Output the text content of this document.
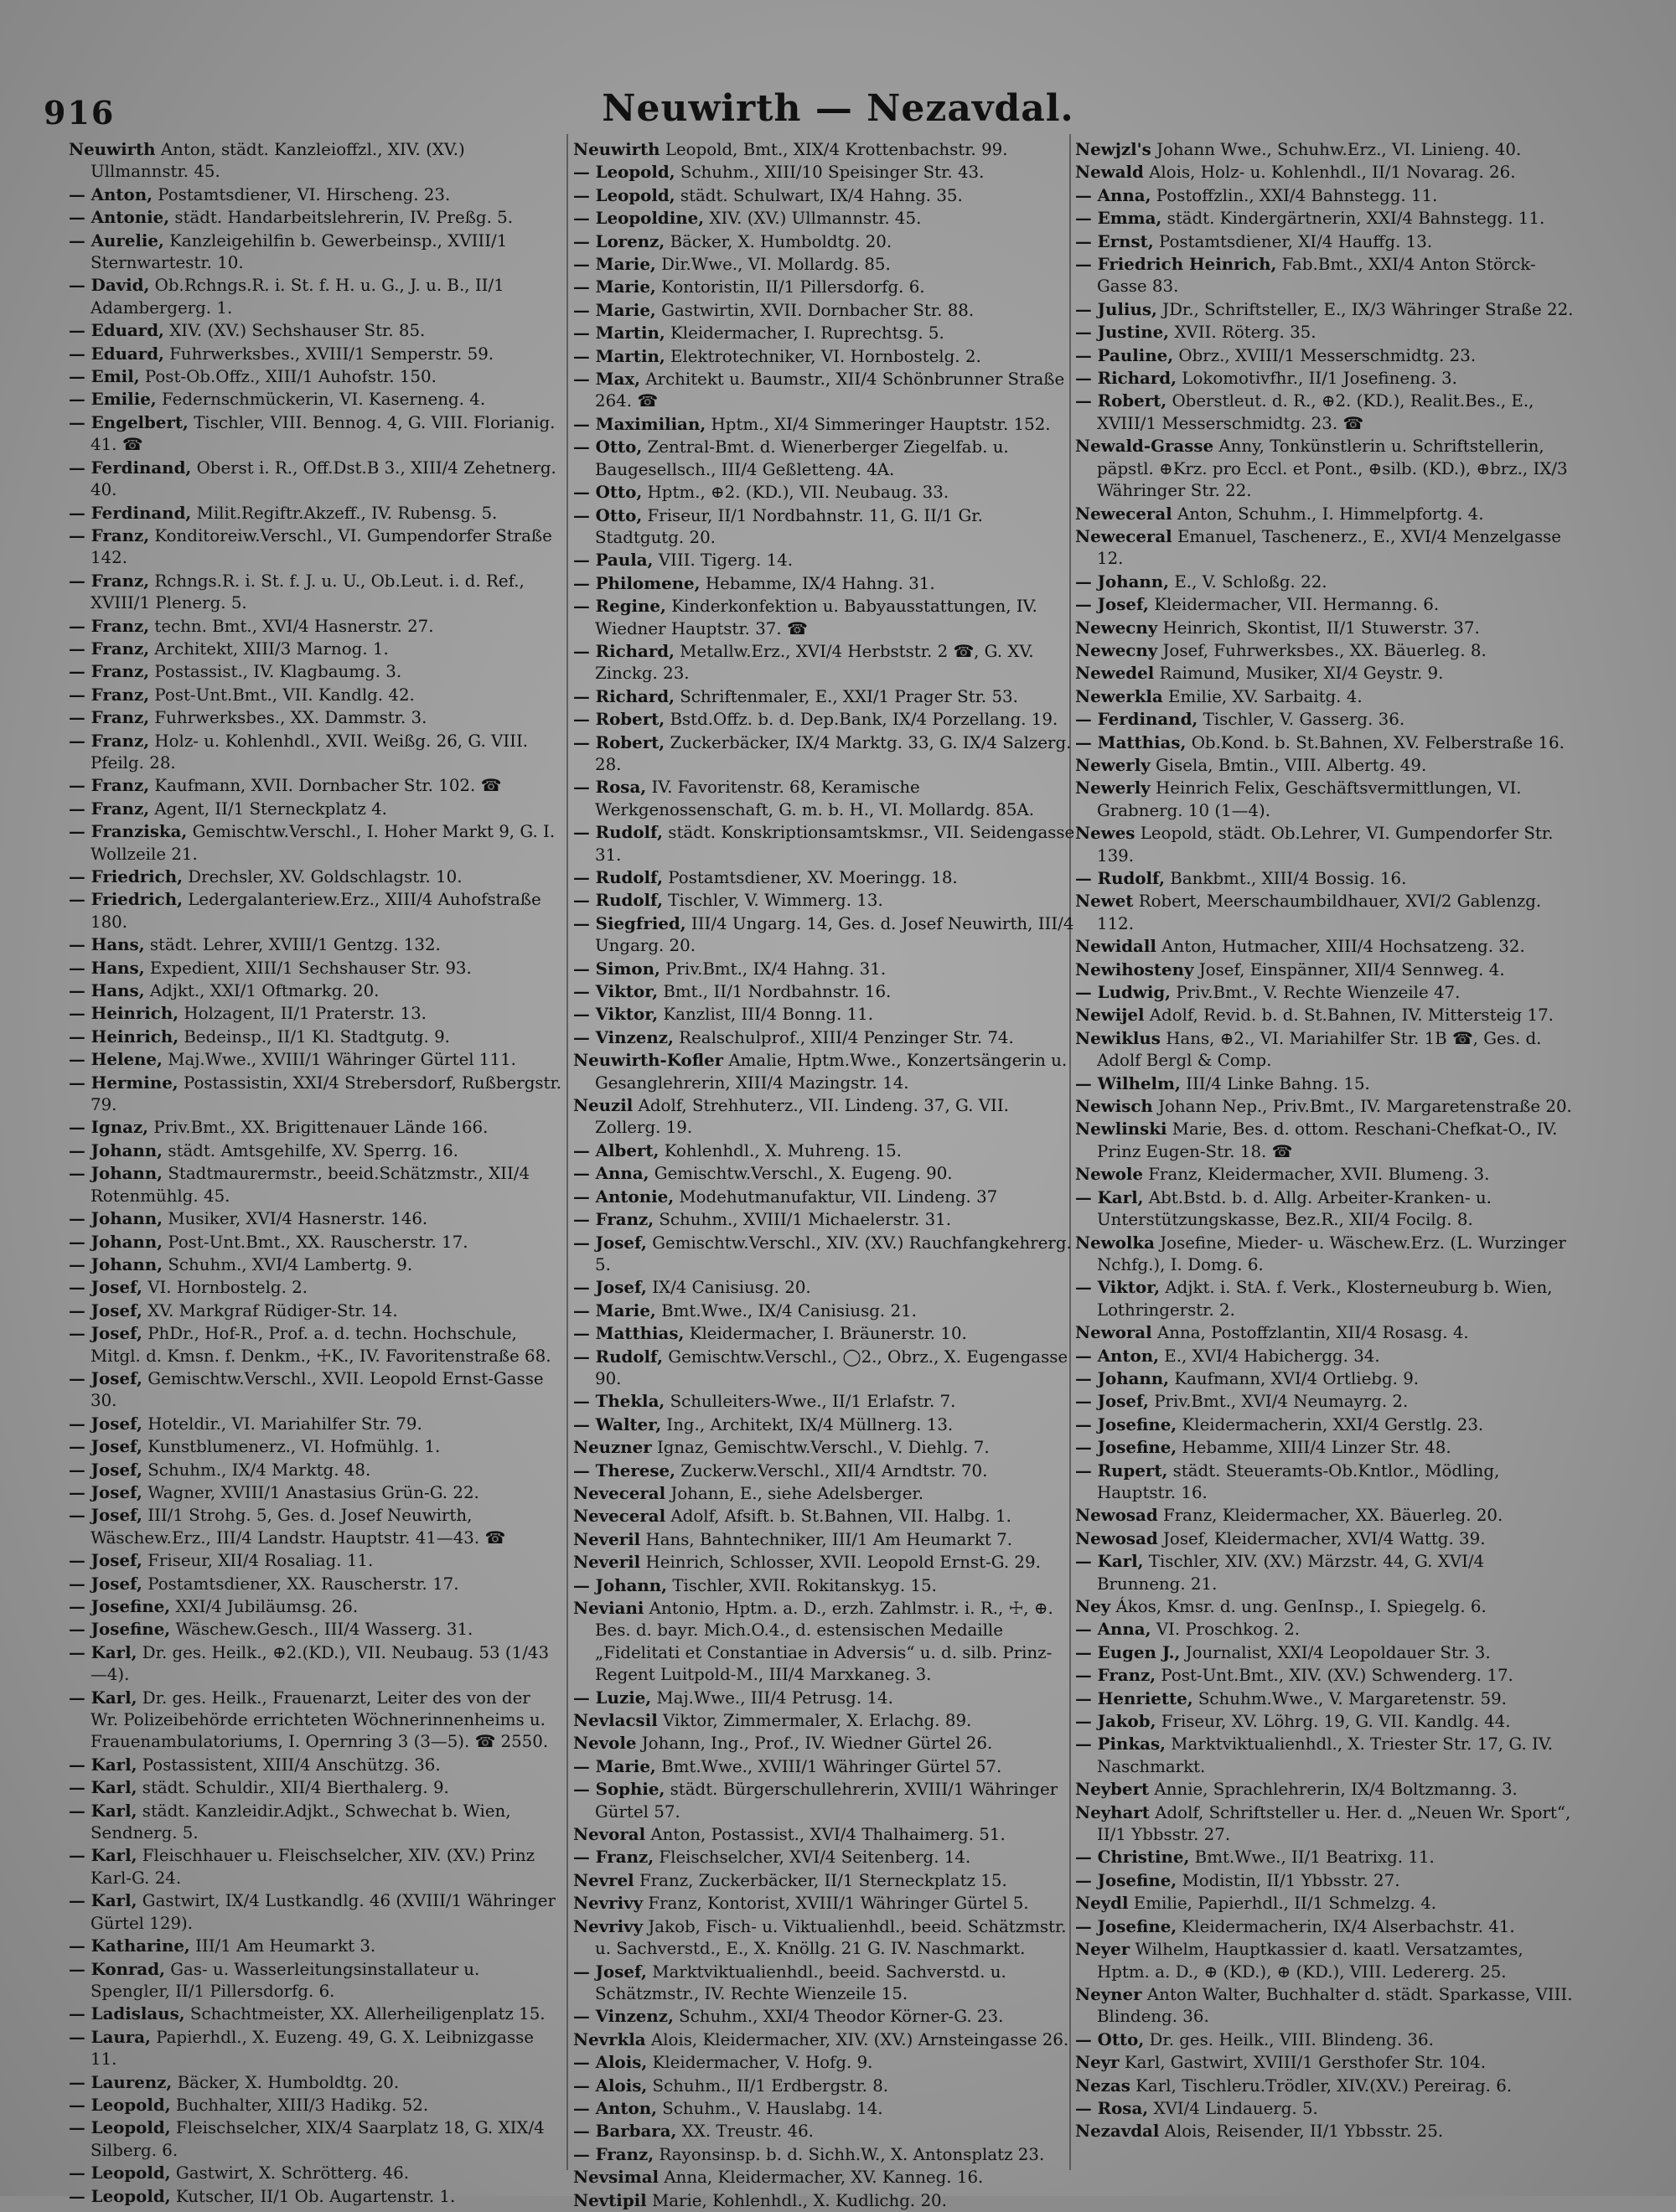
916	Neuwirth — Nezavdal.

Neuwirth Anton, städt. Kanzleioffzl., XIV. (XV.) Ullmannstr. 45.

— Anton, Postamtsdiener, VI. Hirscheng. 23.

— Antonie, städt. Handarbeitslehrerin, IV. Preßg. 5.

— Aurelie, Kanzleigehilfin b. Gewerbeinsp., XVIII/1 Sternwartestr. 10.

— David, Ob.Rchngs.R. i. St. f. H. u. G., J. u. B., II/1 Adambergerg. 1.

— Eduard, XIV. (XV.) Sechshauser Str. 85.

— Eduard, Fuhrwerksbes., XVIII/1 Semperstr. 59.

— Emil, Post-Ob.Offz., XIII/1 Auhofstr. 150.

— Emilie, Federnschmückerin, VI. Kaserneng. 4.

— Engelbert, Tischler, VIII. Bennog. 4, G. VIII. Florianig. 41. ☎

— Ferdinand, Oberst i. R., Off.Dst.B 3., XIII/4 Zehetnerg. 40.

— Ferdinand, Milit.Regiftr.Akzeff., IV. Rubensg. 5.

— Franz, Konditoreiw.Verschl., VI. Gumpendorfer Straße 142.

— Franz, Rchngs.R. i. St. f. J. u. U., Ob.Leut. i. d. Ref., XVIII/1 Plenerg. 5.

— Franz, techn. Bmt., XVI/4 Hasnerstr. 27.

— Franz, Architekt, XIII/3 Marnog. 1.

— Franz, Postassist., IV. Klagbaumg. 3.

— Franz, Post-Unt.Bmt., VII. Kandlg. 42.

— Franz, Fuhrwerksbes., XX. Dammstr. 3.

— Franz, Holz- u. Kohlenhdl., XVII. Weißg. 26, G. VIII. Pfeilg. 28.

— Franz, Kaufmann, XVII. Dornbacher Str. 102. ☎

— Franz, Agent, II/1 Sterneckplatz 4.

— Franziska, Gemischtw.Verschl., I. Hoher Markt 9, G. I. Wollzeile 21.

— Friedrich, Drechsler, XV. Goldschlagstr. 10.

— Friedrich, Ledergalanteriew.Erz., XIII/4 Auhofstraße 180.

— Hans, städt. Lehrer, XVIII/1 Gentzg. 132.

— Hans, Expedient, XIII/1 Sechshauser Str. 93.

— Hans, Adjkt., XXI/1 Oftmarkg. 20.

— Heinrich, Holzagent, II/1 Praterstr. 13.

— Heinrich, Bedeinsp., II/1 Kl. Stadtgutg. 9.

— Helene, Maj.Wwe., XVIII/1 Währinger Gürtel 111.

— Hermine, Postassistin, XXI/4 Strebersdorf, Rußbergstr. 79.

— Ignaz, Priv.Bmt., XX. Brigittenauer Lände 166.

— Johann, städt. Amtsgehilfe, XV. Sperrg. 16.

— Johann, Stadtmaurermstr., beeid.Schätzmstr., XII/4 Rotenmühlg. 45.

— Johann, Musiker, XVI/4 Hasnerstr. 146.

— Johann, Post-Unt.Bmt., XX. Rauscherstr. 17.

— Johann, Schuhm., XVI/4 Lambertg. 9.

— Josef, VI. Hornbostelg. 2.

— Josef, XV. Markgraf Rüdiger-Str. 14.

— Josef, PhDr., Hof-R., Prof. a. d. techn. Hochschule, Mitgl. d. Kmsn. f. Denkm., ☩K., IV. Favoritenstraße 68.

— Josef, Gemischtw.Verschl., XVII. Leopold Ernst-Gasse 30.

— Josef, Hoteldir., VI. Mariahilfer Str. 79.

— Josef, Kunstblumenerz., VI. Hofmühlg. 1.

— Josef, Schuhm., IX/4 Marktg. 48.

— Josef, Wagner, XVIII/1 Anastasius Grün-G. 22.

— Josef, III/1 Strohg. 5, Ges. d. Josef Neuwirth, Wäschew.Erz., III/4 Landstr. Hauptstr. 41—43. ☎

— Josef, Friseur, XII/4 Rosaliag. 11.

— Josef, Postamtsdiener, XX. Rauscherstr. 17.

— Josefine, XXI/4 Jubiläumsg. 26.

— Josefine, Wäschew.Gesch., III/4 Wasserg. 31.

— Karl, Dr. ges. Heilk., ⊕2.(KD.), VII. Neubaug. 53 (1/43—4).

— Karl, Dr. ges. Heilk., Frauenarzt, Leiter des von der Wr. Polizeibehörde errichteten Wöchnerinnenheims u. Frauenambulatoriums, I. Opernring 3 (3—5). ☎ 2550.

— Karl, Postassistent, XIII/4 Anschützg. 36.

— Karl, städt. Schuldir., XII/4 Bierthalerg. 9.

— Karl, städt. Kanzleidir.Adjkt., Schwechat b. Wien, Sendnerg. 5.

— Karl, Fleischhauer u. Fleischselcher, XIV. (XV.) Prinz Karl-G. 24.

— Karl, Gastwirt, IX/4 Lustkandlg. 46 (XVIII/1 Währinger Gürtel 129).

— Katharine, III/1 Am Heumarkt 3.

— Konrad, Gas- u. Wasserleitungsinstallateur u. Spengler, II/1 Pillersdorfg. 6.

— Ladislaus, Schachtmeister, XX. Allerheiligenplatz 15.

— Laura, Papierhdl., X. Euzeng. 49, G. X. Leibnizgasse 11.

— Laurenz, Bäcker, X. Humboldtg. 20.

— Leopold, Buchhalter, XIII/3 Hadikg. 52.

— Leopold, Fleischselcher, XIX/4 Saarplatz 18, G. XIX/4 Silberg. 6.

— Leopold, Gastwirt, X. Schrötterg. 46.

— Leopold, Kutscher, II/1 Ob. Augartenstr. 1.

Neuwirth Leopold, Bmt., XIX/4 Krottenbachstr. 99.

— Leopold, Schuhm., XIII/10 Speisinger Str. 43.

— Leopold, städt. Schulwart, IX/4 Hahng. 35.

— Leopoldine, XIV. (XV.) Ullmannstr. 45.

— Lorenz, Bäcker, X. Humboldtg. 20.

— Marie, Dir.Wwe., VI. Mollardg. 85.

— Marie, Kontoristin, II/1 Pillersdorfg. 6.

— Marie, Gastwirtin, XVII. Dornbacher Str. 88.

— Martin, Kleidermacher, I. Ruprechtsg. 5.

— Martin, Elektrotechniker, VI. Hornbostelg. 2.

— Max, Architekt u. Baumstr., XII/4 Schönbrunner Straße 264. ☎

— Maximilian, Hptm., XI/4 Simmeringer Hauptstr. 152.

— Otto, Zentral-Bmt. d. Wienerberger Ziegelfab. u. Baugesellsch., III/4 Geßletteng. 4A.

— Otto, Hptm., ⊕2. (KD.), VII. Neubaug. 33.

— Otto, Friseur, II/1 Nordbahnstr. 11, G. II/1 Gr. Stadtgutg. 20.

— Paula, VIII. Tigerg. 14.

— Philomene, Hebamme, IX/4 Hahng. 31.

— Regine, Kinderkonfektion u. Babyausstattungen, IV. Wiedner Hauptstr. 37. ☎

— Richard, Metallw.Erz., XVI/4 Herbststr. 2 ☎, G. XV. Zinckg. 23.

— Richard, Schriftenmaler, E., XXI/1 Prager Str. 53.

— Robert, Bstd.Offz. b. d. Dep.Bank, IX/4 Porzellang. 19.

— Robert, Zuckerbäcker, IX/4 Marktg. 33, G. IX/4 Salzerg. 28.

— Rosa, IV. Favoritenstr. 68, Keramische Werkgenossenschaft, G. m. b. H., VI. Mollardg. 85A.

— Rudolf, städt. Konskriptionsamtskmsr., VII. Seidengasse 31.

— Rudolf, Postamtsdiener, XV. Moeringg. 18.

— Rudolf, Tischler, V. Wimmerg. 13.

— Siegfried, III/4 Ungarg. 14, Ges. d. Josef Neuwirth, III/4 Ungarg. 20.

— Simon, Priv.Bmt., IX/4 Hahng. 31.

— Viktor, Bmt., II/1 Nordbahnstr. 16.

— Viktor, Kanzlist, III/4 Bonng. 11.

— Vinzenz, Realschulprof., XIII/4 Penzinger Str. 74.

Neuwirth-Kofler Amalie, Hptm.Wwe., Konzertsängerin u. Gesanglehrerin, XIII/4 Mazingstr. 14.

Neuzil Adolf, Strehhuterz., VII. Lindeng. 37, G. VII. Zollerg. 19.

— Albert, Kohlenhdl., X. Muhreng. 15.

— Anna, Gemischtw.Verschl., X. Eugeng. 90.

— Antonie, Modehutmanufaktur, VII. Lindeng. 37

— Franz, Schuhm., XVIII/1 Michaelerstr. 31.

— Josef, Gemischtw.Verschl., XIV. (XV.) Rauchfangkehrerg. 5.

— Josef, IX/4 Canisiusg. 20.

— Marie, Bmt.Wwe., IX/4 Canisiusg. 21.

— Matthias, Kleidermacher, I. Bräunerstr. 10.

— Rudolf, Gemischtw.Verschl., ◯2., Obrz., X. Eugengasse 90.

— Thekla, Schulleiters-Wwe., II/1 Erlafstr. 7.

— Walter, Ing., Architekt, IX/4 Müllnerg. 13.

Neuzner Ignaz, Gemischtw.Verschl., V. Diehlg. 7.

— Therese, Zuckerw.Verschl., XII/4 Arndtstr. 70.

Neveceral Johann, E., siehe Adelsberger.

Neveceral Adolf, Afsift. b. St.Bahnen, VII. Halbg. 1.

Neveril Hans, Bahntechniker, III/1 Am Heumarkt 7.

Neveril Heinrich, Schlosser, XVII. Leopold Ernst-G. 29.

— Johann, Tischler, XVII. Rokitanskyg. 15.

Neviani Antonio, Hptm. a. D., erzh. Zahlmstr. i. R., ☩, ⊕. Bes. d. bayr. Mich.O.4., d. estensischen Medaille „Fidelitati et Constantiae in Adversis“ u. d. silb. Prinz-Regent Luitpold-M., III/4 Marxkaneg. 3.

— Luzie, Maj.Wwe., III/4 Petrusg. 14.

Nevlacsil Viktor, Zimmermaler, X. Erlachg. 89.

Nevole Johann, Ing., Prof., IV. Wiedner Gürtel 26.

— Marie, Bmt.Wwe., XVIII/1 Währinger Gürtel 57.

— Sophie, städt. Bürgerschullehrerin, XVIII/1 Währinger Gürtel 57.

Nevoral Anton, Postassist., XVI/4 Thalhaimerg. 51.

— Franz, Fleischselcher, XVI/4 Seitenberg. 14.

Nevrel Franz, Zuckerbäcker, II/1 Sterneckplatz 15.

Nevrivy Franz, Kontorist, XVIII/1 Währinger Gürtel 5.

Nevrivy Jakob, Fisch- u. Viktualienhdl., beeid. Schätzmstr. u. Sachverstd., E., X. Knöllg. 21 G. IV. Naschmarkt.

— Josef, Marktviktualienhdl., beeid. Sachverstd. u. Schätzmstr., IV. Rechte Wienzeile 15.

— Vinzenz, Schuhm., XXI/4 Theodor Körner-G. 23.

Nevrkla Alois, Kleidermacher, XIV. (XV.) Arnsteingasse 26.

— Alois, Kleidermacher, V. Hofg. 9.

— Alois, Schuhm., II/1 Erdbergstr. 8.

— Anton, Schuhm., V. Hauslabg. 14.

— Barbara, XX. Treustr. 46.

— Franz, Rayonsinsp. b. d. Sichh.W., X. Antonsplatz 23.

Nevsimal Anna, Kleidermacher, XV. Kanneg. 16.

Nevtipil Marie, Kohlenhdl., X. Kudlichg. 20.

Newjzl's Johann Wwe., Schuhw.Erz., VI. Linieng. 40.

Newald Alois, Holz- u. Kohlenhdl., II/1 Novarag. 26.

— Anna, Postoffzlin., XXI/4 Bahnstegg. 11.

— Emma, städt. Kindergärtnerin, XXI/4 Bahnstegg. 11.

— Ernst, Postamtsdiener, XI/4 Hauffg. 13.

— Friedrich Heinrich, Fab.Bmt., XXI/4 Anton Störck-Gasse 83.

— Julius, JDr., Schriftsteller, E., IX/3 Währinger Straße 22.

— Justine, XVII. Röterg. 35.

— Pauline, Obrz., XVIII/1 Messerschmidtg. 23.

— Richard, Lokomotivfhr., II/1 Josefineng. 3.

— Robert, Oberstleut. d. R., ⊕2. (KD.), Realit.Bes., E., XVIII/1 Messerschmidtg. 23. ☎

Newald-Grasse Anny, Tonkünstlerin u. Schriftstellerin, päpstl. ⊕Krz. pro Eccl. et Pont., ⊕silb. (KD.), ⊕brz., IX/3 Währinger Str. 22.

Neweceral Anton, Schuhm., I. Himmelpfortg. 4.

Neweceral Emanuel, Taschenerz., E., XVI/4 Menzelgasse 12.

— Johann, E., V. Schloßg. 22.

— Josef, Kleidermacher, VII. Hermanng. 6.

Newecny Heinrich, Skontist, II/1 Stuwerstr. 37.

Newecny Josef, Fuhrwerksbes., XX. Bäuerleg. 8.

Newedel Raimund, Musiker, XI/4 Geystr. 9.

Newerkla Emilie, XV. Sarbaitg. 4.

— Ferdinand, Tischler, V. Gasserg. 36.

— Matthias, Ob.Kond. b. St.Bahnen, XV. Felberstraße 16.

Newerly Gisela, Bmtin., VIII. Albertg. 49.

Newerly Heinrich Felix, Geschäftsvermittlungen, VI. Grabnerg. 10 (1—4).

Newes Leopold, städt. Ob.Lehrer, VI. Gumpendorfer Str. 139.

— Rudolf, Bankbmt., XIII/4 Bossig. 16.

Newet Robert, Meerschaumbildhauer, XVI/2 Gablenzg. 112.

Newidall Anton, Hutmacher, XIII/4 Hochsatzeng. 32.

Newihosteny Josef, Einspänner, XII/4 Sennweg. 4.

— Ludwig, Priv.Bmt., V. Rechte Wienzeile 47.

Newijel Adolf, Revid. b. d. St.Bahnen, IV. Mittersteig 17.

Newiklus Hans, ⊕2., VI. Mariahilfer Str. 1B ☎, Ges. d. Adolf Bergl & Comp.

— Wilhelm, III/4 Linke Bahng. 15.

Newisch Johann Nep., Priv.Bmt., IV. Margaretenstraße 20.

Newlinski Marie, Bes. d. ottom. Reschani-Chefkat-O., IV. Prinz Eugen-Str. 18. ☎

Newole Franz, Kleidermacher, XVII. Blumeng. 3.

— Karl, Abt.Bstd. b. d. Allg. Arbeiter-Kranken- u. Unterstützungskasse, Bez.R., XII/4 Focilg. 8.

Newolka Josefine, Mieder- u. Wäschew.Erz. (L. Wurzinger Nchfg.), I. Domg. 6.

— Viktor, Adjkt. i. StA. f. Verk., Klosterneuburg b. Wien, Lothringerstr. 2.

Neworal Anna, Postoffzlantin, XII/4 Rosasg. 4.

— Anton, E., XVI/4 Habichergg. 34.

— Johann, Kaufmann, XVI/4 Ortliebg. 9.

— Josef, Priv.Bmt., XVI/4 Neumayrg. 2.

— Josefine, Kleidermacherin, XXI/4 Gerstlg. 23.

— Josefine, Hebamme, XIII/4 Linzer Str. 48.

— Rupert, städt. Steueramts-Ob.Kntlor., Mödling, Hauptstr. 16.

Newosad Franz, Kleidermacher, XX. Bäuerleg. 20.

Newosad Josef, Kleidermacher, XVI/4 Wattg. 39.

— Karl, Tischler, XIV. (XV.) Märzstr. 44, G. XVI/4 Brunneng. 21.

Ney Ákos, Kmsr. d. ung. GenInsp., I. Spiegelg. 6.

— Anna, VI. Proschkog. 2.

— Eugen J., Journalist, XXI/4 Leopoldauer Str. 3.

— Franz, Post-Unt.Bmt., XIV. (XV.) Schwenderg. 17.

— Henriette, Schuhm.Wwe., V. Margaretenstr. 59.

— Jakob, Friseur, XV. Löhrg. 19, G. VII. Kandlg. 44.

— Pinkas, Marktviktualienhdl., X. Triester Str. 17, G. IV. Naschmarkt.

Neybert Annie, Sprachlehrerin, IX/4 Boltzmanng. 3.

Neyhart Adolf, Schriftsteller u. Her. d. „Neuen Wr. Sport“, II/1 Ybbsstr. 27.

— Christine, Bmt.Wwe., II/1 Beatrixg. 11.

— Josefine, Modistin, II/1 Ybbsstr. 27.

Neydl Emilie, Papierhdl., II/1 Schmelzg. 4.

— Josefine, Kleidermacherin, IX/4 Alserbachstr. 41.

Neyer Wilhelm, Hauptkassier d. kaatl. Versatzamtes, Hptm. a. D., ⊕ (KD.), ⊕ (KD.), VIII. Ledererg. 25.

Neyner Anton Walter, Buchhalter d. städt. Sparkasse, VIII. Blindeng. 36.

— Otto, Dr. ges. Heilk., VIII. Blindeng. 36.

Neyr Karl, Gastwirt, XVIII/1 Gersthofer Str. 104.

Nezas Karl, Tischleru.Trödler, XIV.(XV.) Pereirag. 6.

— Rosa, XVI/4 Lindauerg. 5.

Nezavdal Alois, Reisender, II/1 Ybbsstr. 25.
